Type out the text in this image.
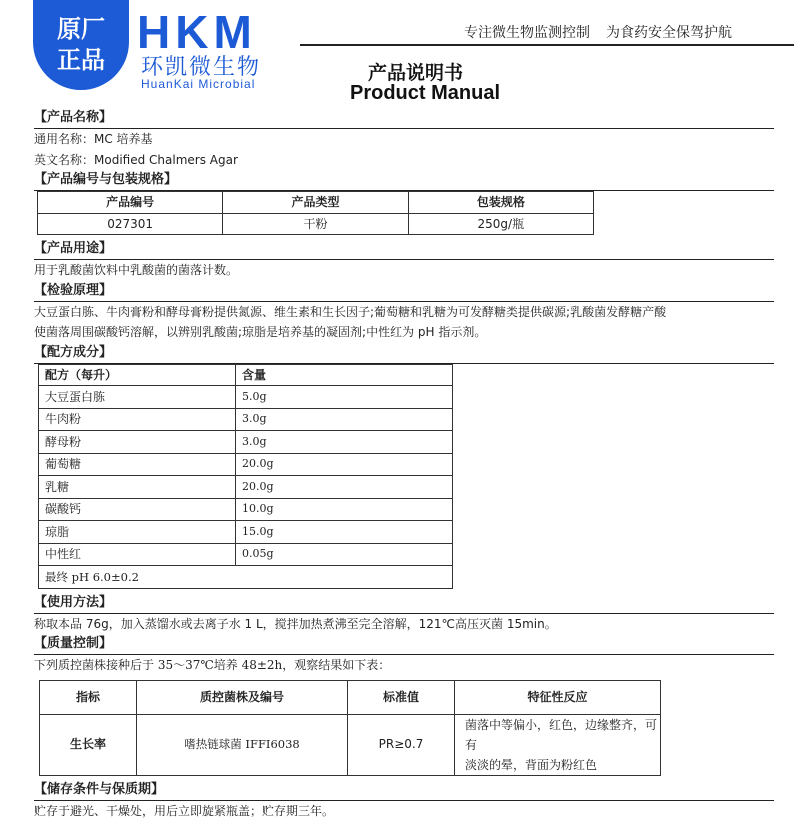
原厂
正品
HKM
环凯微生物
HuanKai Microbial
专注微生物监测控制 为食药安全保驾护航
产品说明书
Product Manual
【产品名称】
通用名称：MC 培养基
英文名称：Modified Chalmers Agar
【产品编号与包装规格】
产品编号	产品类型	包装规格
027301	干粉	250g/瓶
【产品用途】
用于乳酸菌饮料中乳酸菌的菌落计数。
【检验原理】
大豆蛋白胨、牛肉膏粉和酵母膏粉提供氮源、维生素和生长因子;葡萄糖和乳糖为可发酵糖类提供碳源;乳酸菌发酵糖产酸
使菌落周围碳酸钙溶解，以辨别乳酸菌;琼脂是培养基的凝固剂;中性红为 pH 指示剂。
【配方成分】
配方（每升）	含量
大豆蛋白胨	5.0g
牛肉粉	3.0g
酵母粉	3.0g
葡萄糖	20.0g
乳糖	20.0g
碳酸钙	10.0g
琼脂	15.0g
中性红	0.05g
最终 pH 6.0±0.2	
【使用方法】
称取本品 76g，加入蒸馏水或去离子水 1 L，搅拌加热煮沸至完全溶解，121℃高压灭菌 15min。
【质量控制】
下列质控菌株接种后于 35～37℃培养 48±2h，观察结果如下表：
指标	质控菌株及编号	标准值	特征性反应
生长率	嗜热链球菌 IFFI6038	PR≥0.7	菌落中等偏小，红色，边缘整齐，可有
淡淡的晕，背面为粉红色
【储存条件与保质期】
贮存于避光、干燥处，用后立即旋紧瓶盖；贮存期三年。
